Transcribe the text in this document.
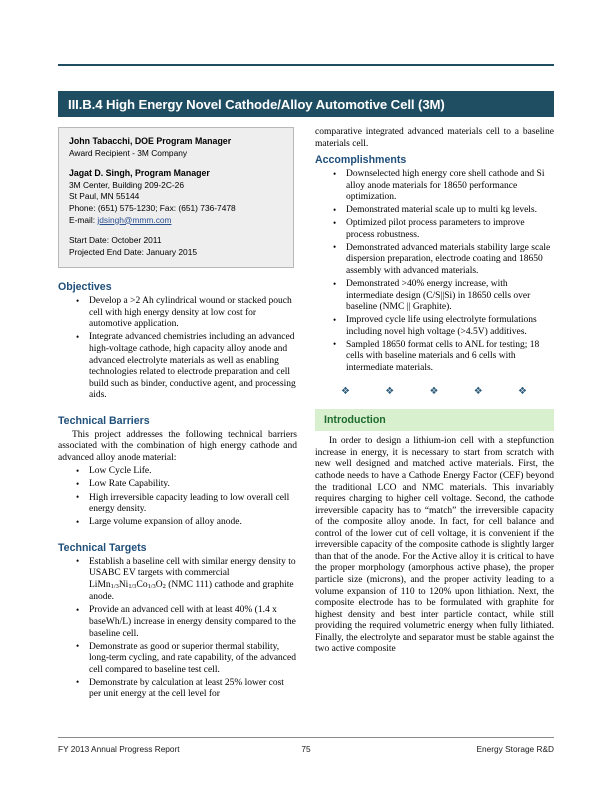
III.B.4 High Energy Novel Cathode/Alloy Automotive Cell (3M)
John Tabacchi, DOE Program Manager
Award Recipient - 3M Company
Jagat D. Singh, Program Manager
3M Center, Building 209-2C-26
St Paul, MN 55144
Phone: (651) 575-1230; Fax: (651) 736-7478
E-mail: jdsingh@mmm.com
Start Date: October 2011
Projected End Date: January 2015
Objectives
• Develop a >2 Ah cylindrical wound or stacked pouch cell with high energy density at low cost for automotive application.
• Integrate advanced chemistries including an advanced high-voltage cathode, high capacity alloy anode and advanced electrolyte materials as well as enabling technologies related to electrode preparation and cell build such as binder, conductive agent, and processing aids.
Technical Barriers

This project addresses the following technical barriers associated with the combination of high energy cathode and advanced alloy anode material:

• Low Cycle Life.
• Low Rate Capability.
• High irreversible capacity leading to low overall cell energy density.
• Large volume expansion of alloy anode.
Technical Targets
• Establish a baseline cell with similar energy density to USABC EV targets with commercial $LiMn_{1/3}Ni_{1/3}Co_{1/3}O_2$ (NMC 111) cathode and graphite anode.
• Provide an advanced cell with at least 40% (1.4 x baseWh/L) increase in energy density compared to the baseline cell.
• Demonstrate as good or superior thermal stability, long-term cycling, and rate capability, of the advanced cell compared to baseline test cell.
• Demonstrate by calculation at least 25% lower cost per unit energy at the cell level for

comparative integrated advanced materials cell to a baseline materials cell.

Accomplishments
• Downselected high energy core shell cathode and Si alloy anode materials for 18650 performance optimization.
• Demonstrated material scale up to multi kg levels.
• Optimized pilot process parameters to improve process robustness.
• Demonstrated advanced materials stability large scale dispersion preparation, electrode coating and 18650 assembly with advanced materials.
• Demonstrated >40% energy increase, with intermediate design (C/S||Si) in 18650 cells over baseline (NMC || Graphite).
• Improved cycle life using electrolyte formulations including novel high voltage (>4.5V) additives.
• Sampled 18650 format cells to ANL for testing; 18 cells with baseline materials and 6 cells with intermediate materials.
❖	❖	❖	❖	❖
Introduction

In order to design a lithium-ion cell with a stepfunction increase in energy, it is necessary to start from scratch with new well designed and matched active materials. First, the cathode needs to have a Cathode Energy Factor (CEF) beyond the traditional LCO and NMC materials. This invariably requires charging to higher cell voltage. Second, the cathode irreversible capacity has to “match” the irreversible capacity of the composite alloy anode. In fact, for cell balance and control of the lower cut of cell voltage, it is convenient if the irreversible capacity of the composite cathode is slightly larger than that of the anode. For the Active alloy it is critical to have the proper morphology (amorphous active phase), the proper particle size (microns), and the proper activity leading to a volume expansion of 110 to 120% upon lithiation. Next, the composite electrode has to be formulated with graphite for highest density and best inter particle contact, while still providing the required volumetric energy when fully lithiated. Finally, the electrolyte and separator must be stable against the two active composite

FY 2013 Annual Progress Report	75	Energy Storage R&D
